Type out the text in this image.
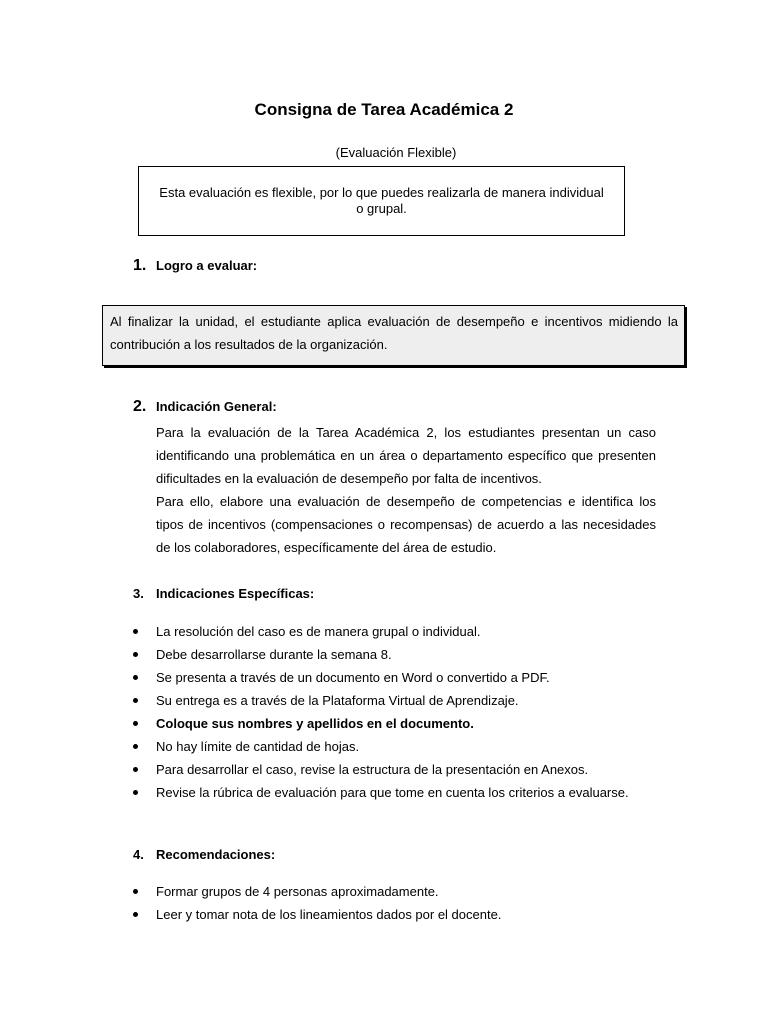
Consigna de Tarea Académica 2
(Evaluación Flexible)
Esta evaluación es flexible, por lo que puedes realizarla de manera individual o grupal.
1. Logro a evaluar:
Al finalizar la unidad, el estudiante aplica evaluación de desempeño e incentivos midiendo la contribución a los resultados de la organización.
2. Indicación General:

Para la evaluación de la Tarea Académica 2, los estudiantes presentan un caso identificando una problemática en un área o departamento específico que presenten dificultades en la evaluación de desempeño por falta de incentivos.

Para ello, elabore una evaluación de desempeño de competencias e identifica los tipos de incentivos (compensaciones o recompensas) de acuerdo a las necesidades de los colaboradores, específicamente del área de estudio.

3. Indicaciones Específicas:
La resolución del caso es de manera grupal o individual.
Debe desarrollarse durante la semana 8.
Se presenta a través de un documento en Word o convertido a PDF.
Su entrega es a través de la Plataforma Virtual de Aprendizaje.
Coloque sus nombres y apellidos en el documento.
No hay límite de cantidad de hojas.
Para desarrollar el caso, revise la estructura de la presentación en Anexos.
Revise la rúbrica de evaluación para que tome en cuenta los criterios a evaluarse.
4. Recomendaciones:
Formar grupos de 4 personas aproximadamente.
Leer y tomar nota de los lineamientos dados por el docente.
